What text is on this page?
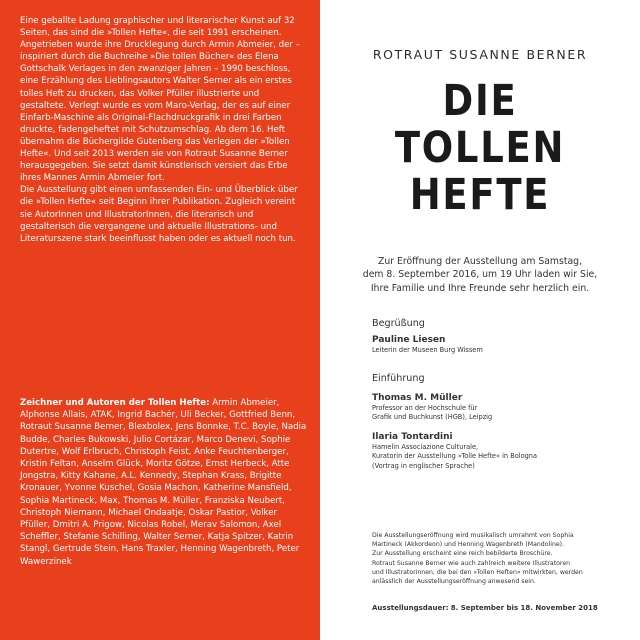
Eine geballte Ladung graphischer und literarischer Kunst auf 32 Seiten, das sind die »Tollen Hefte«, die seit 1991 erscheinen. Angetrieben wurde ihre Drucklegung durch Armin Abmeier, der – inspiriert durch die Buchreihe »Die tollen Bücher« des Elena Gottschalk Verlages in den zwanziger Jahren – 1990 beschloss, eine Erzählung des Lieblingsautors Walter Serner als ein erstes tolles Heft zu drucken, das Volker Pfüller illustrierte und gestaltete. Verlegt wurde es vom Maro-Verlag, der es auf einer Einfarb-Maschine als Original-Flachdruckgrafik in drei Farben druckte, fadengeheftet mit Schutzumschlag. Ab dem 16. Heft übernahm die Büchergilde Gutenberg das Verlegen der »Tollen Hefte«. Und seit 2013 werden sie von Rotraut Susanne Berner herausgegeben. Sie setzt damit künstlerisch versiert das Erbe ihres Mannes Armin Abmeier fort.

Die Ausstellung gibt einen umfassenden Ein- und Überblick über die »Tollen Hefte« seit Beginn ihrer Publikation. Zugleich vereint sie AutorInnen und IllustratorInnen, die literarisch und gestalterisch die vergangene und aktuelle Illustrations- und Literaturszene stark beeinflusst haben oder es aktuell noch tun.

Zeichner und Autoren der Tollen Hefte: Armin Abmeier, Alphonse Allais, ATAK, Ingrid Bachér, Uli Becker, Gottfried Benn, Rotraut Susanne Berner, Blexbolex, Jens Bonnke, T.C. Boyle, Nadia Budde, Charles Bukowski, Julio Cortázar, Marco Denevi, Sophie Dutertre, Wolf Erlbruch, Christoph Feist, Anke Feuchtenberger, Kristin Feltan, Anselm Glück, Moritz Götze, Ernst Herbeck, Atte Jongstra, Kitty Kahane, A.L. Kennedy, Stephan Krass, Brigitte Kronauer, Yvonne Kuschel, Gosia Machon, Katherine Mansfield, Sophia Martineck, Max, Thomas M. Müller, Franziska Neubert, Christoph Niemann, Michael Ondaatje, Oskar Pastior, Volker Pfüller, Dmitri A. Prigow, Nicolas Robel, Merav Salomon, Axel Scheffler, Stefanie Schilling, Walter Serner, Katja Spitzer, Katrin Stangl, Gertrude Stein, Hans Traxler, Henning Wagenbreth, Peter Wawerzinek

ROTRAUT SUSANNE BERNER
DIE
TOLLEN
HEFTE
Zur Eröffnung der Ausstellung am Samstag,
dem 8. September 2016, um 19 Uhr laden wir Sie,
Ihre Familie und Ihre Freunde sehr herzlich ein.
Begrüßung
Pauline Liesen
Leiterin der Museen Burg Wissem
Einführung
Thomas M. Müller
Professor an der Hochschule für
Grafik und Buchkunst (HGB), Leipzig
Ilaria Tontardini
Hamelin Associazione Culturale,
Kuratorin der Ausstellung »Tolle Hefte« in Bologna
(Vortrag in englischer Sprache)
Die Ausstellungseröffnung wird musikalisch umrahmt von Sophia
Martineck (Akkordeon) und Henning Wagenbreth (Mandoline).
Zur Ausstellung erscheint eine reich bebilderte Broschüre.
Rotraut Susanne Berner wie auch zahlreich weitere Illustratoren
und Illustratorinnen, die bei den »Tollen Heften« mitwirkten, werden
anlässlich der Ausstellungseröffnung anwesend sein.
Ausstellungsdauer: 8. September bis 18. November 2018
